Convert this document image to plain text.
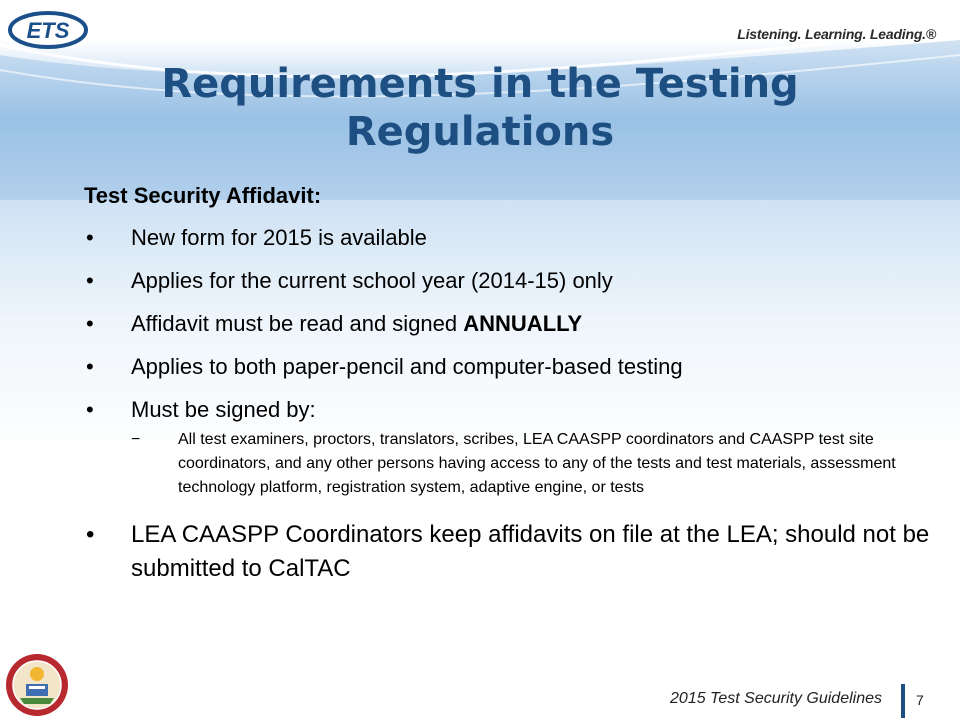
ETS	Listening. Learning. Leading.®
Requirements in the Testing Regulations

Test Security Affidavit:

• New form for 2015 is available
• Applies for the current school year (2014-15) only
• Affidavit must be read and signed ANNUALLY
• Applies to both paper-pencil and computer-based testing
• Must be signed by:
− All test examiners, proctors, translators, scribes, LEA CAASPP coordinators and CAASPP test site coordinators, and any other persons having access to any of the tests and test materials, assessment technology platform, registration system, adaptive engine, or tests
• LEA CAASPP Coordinators keep affidavits on file at the LEA; should not be submitted to CalTAC
2015 Test Security Guidelines 7
